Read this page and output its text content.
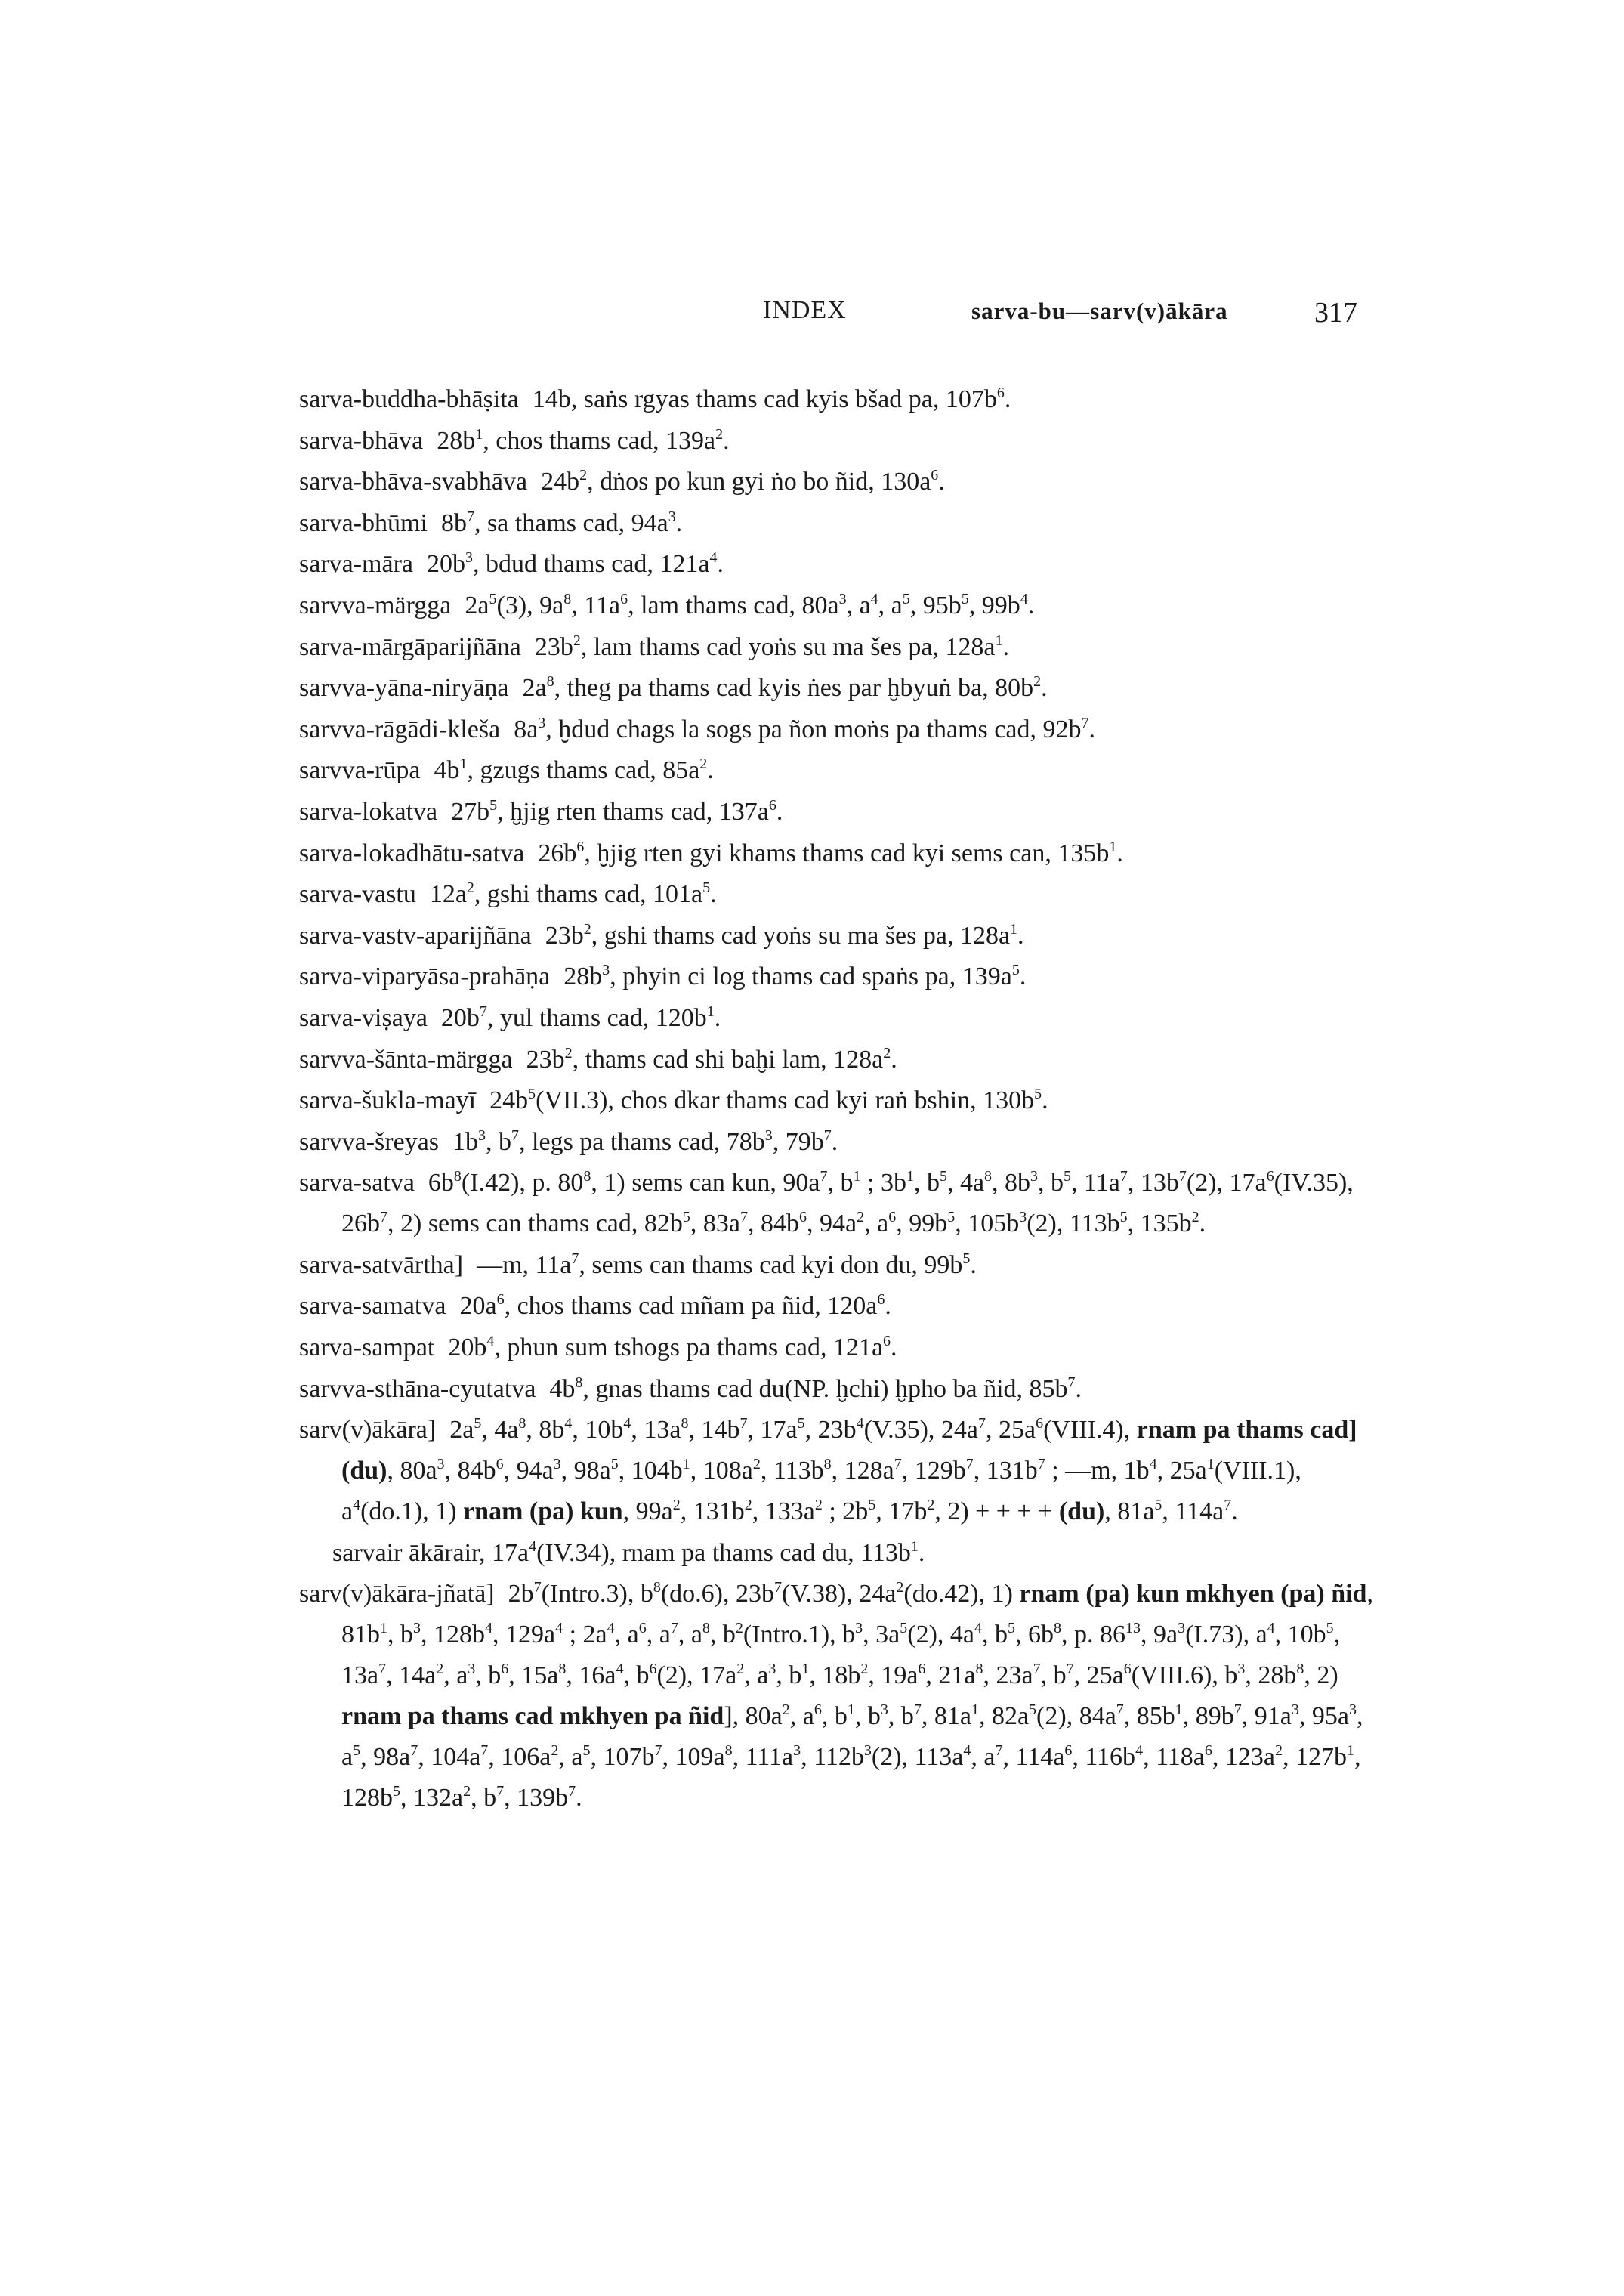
INDEX	sarva-bu—sarv(v)ākāra	317
sarva-buddha-bhāṣita 14b, saṅs rgyas thams cad kyis bšad pa, $107b^6$.
sarva-bhāva $28b^1$, chos thams cad, $139a^2$.
sarva-bhāva-svabhāva $24b^2$, dṅos po kun gyi ṅo bo ñid, $130a^6$.
sarva-bhūmi $8b^7$, sa thams cad, $94a^3$.
sarva-māra $20b^3$, bdud thams cad, $121a^4$.
sarvva-märgga $2a^5(3)$, $9a^8$, $11a^6$, lam thams cad, $80a^3$, $a^4$, $a^5$, $95b^5$, $99b^4$.
sarva-mārgāparijñāna $23b^2$, lam thams cad yoṅs su ma šes pa, $128a^1$.
sarvva-yāna-niryāṇa $2a^8$, theg pa thams cad kyis ṅes par ḫbyuṅ ba, $80b^2$.
sarvva-rāgādi-kleša $8a^3$, ḫdud chags la sogs pa ñon moṅs pa thams cad, $92b^7$.
sarvva-rūpa $4b^1$, gzugs thams cad, $85a^2$.
sarva-lokatva $27b^5$, ḫjig rten thams cad, $137a^6$.
sarva-lokadhātu-satva $26b^6$, ḫjig rten gyi khams thams cad kyi sems can, $135b^1$.
sarva-vastu $12a^2$, gshi thams cad, $101a^5$.
sarva-vastv-aparijñāna $23b^2$, gshi thams cad yoṅs su ma šes pa, $128a^1$.
sarva-viparyāsa-prahāṇa $28b^3$, phyin ci log thams cad spaṅs pa, $139a^5$.
sarva-viṣaya $20b^7$, yul thams cad, $120b^1$.
sarvva-šānta-märgga $23b^2$, thams cad shi baḫi lam, $128a^2$.
sarva-šukla-mayī $24b^5(VII.3)$, chos dkar thams cad kyi raṅ bshin, $130b^5$.
sarvva-šreyas $1b^3$, $b^7$, legs pa thams cad, $78b^3$, $79b^7$.
sarva-satva $6b^8(I.42)$, p. $80^8$, 1) sems can kun, $90a^7$, $b^1$ ; $3b^1$, $b^5$, $4a^8$, $8b^3$, $b^5$, $11a^7$, $13b^7(2)$, $17a^6(IV.35)$, $26b^7$, 2) sems can thams cad, $82b^5$, $83a^7$, $84b^6$, $94a^2$, $a^6$, $99b^5$, $105b^3(2)$, $113b^5$, $135b^2$.
sarva-satvārtha] —m, $11a^7$, sems can thams cad kyi don du, $99b^5$.
sarva-samatva $20a^6$, chos thams cad mñam pa ñid, $120a^6$.
sarva-sampat $20b^4$, phun sum tshogs pa thams cad, $121a^6$.
sarvva-sthāna-cyutatva $4b^8$, gnas thams cad du(NP. ḫchi) ḫpho ba ñid, $85b^7$.
sarv(v)ākāra] $2a^5$, $4a^8$, $8b^4$, $10b^4$, $13a^8$, $14b^7$, $17a^5$, $23b^4(V.35)$, $24a^7$, $25a^6(VIII.4)$, rnam pa thams cad] (du), $80a^3$, $84b^6$, $94a^3$, $98a^5$, $104b^1$, $108a^2$, $113b^8$, $128a^7$, $129b^7$, $131b^7$ ; —m, $1b^4$, $25a^1(VIII.1)$, $a^4(do.1)$, 1) rnam (pa) kun, $99a^2$, $131b^2$, $133a^2$ ; $2b^5$, $17b^2$, 2) + + + + (du), $81a^5$, $114a^7$.
sarvair ākārair, $17a^4(IV.34)$, rnam pa thams cad du, $113b^1$.
sarv(v)ākāra-jñatā] $2b^7(Intro.3)$, $b^8(do.6)$, $23b^7(V.38)$, $24a^2(do.42)$, 1) rnam (pa) kun mkhyen (pa) ñid, $81b^1$, $b^3$, $128b^4$, $129a^4$ ; $2a^4$, $a^6$, $a^7$, $a^8$, $b^2(Intro.1)$, $b^3$, $3a^5(2)$, $4a^4$, $b^5$, $6b^8$, p. $86^{13}$, $9a^3(I.73)$, $a^4$, $10b^5$, $13a^7$, $14a^2$, $a^3$, $b^6$, $15a^8$, $16a^4$, $b^6(2)$, $17a^2$, $a^3$, $b^1$, $18b^2$, $19a^6$, $21a^8$, $23a^7$, $b^7$, $25a^6(VIII.6)$, $b^3$, $28b^8$, 2) rnam pa thams cad mkhyen pa ñid], $80a^2$, $a^6$, $b^1$, $b^3$, $b^7$, $81a^1$, $82a^5(2)$, $84a^7$, $85b^1$, $89b^7$, $91a^3$, $95a^3$, $a^5$, $98a^7$, $104a^7$, $106a^2$, $a^5$, $107b^7$, $109a^8$, $111a^3$, $112b^3(2)$, $113a^4$, $a^7$, $114a^6$, $116b^4$, $118a^6$, $123a^2$, $127b^1$, $128b^5$, $132a^2$, $b^7$, $139b^7$.
